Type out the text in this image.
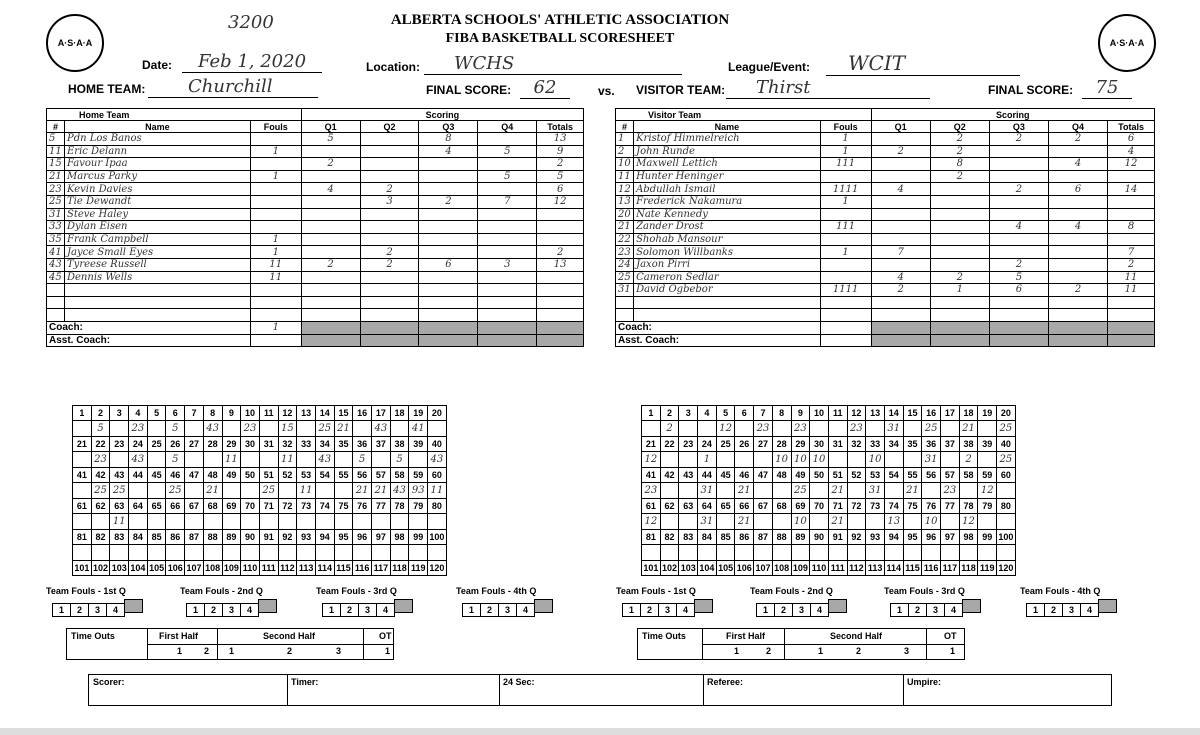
A·S·A·A	A·S·A·A
3200	ALBERTA SCHOOLS' ATHLETIC ASSOCIATION
FIBA BASKETBALL SCORESHEET
Date:	Feb 1, 2020	Location:	WCHS	League/Event:	WCIT
HOME TEAM:	Churchill	FINAL SCORE:	62	vs. VISITOR TEAM:	Thirst	FINAL SCORE:	75
Home Team			Scoring				
#	Name	Fouls	Q1	Q2	Q3	Q4	Totals
5	Pdn Los Banos		5		8		13
11	Eric Delann	1			4	5	9
15	Favour Ipaa		2				2
21	Marcus Parky	1				5	5
23	Kevin Davies		4	2			6
25	Tie Dewandt			3	2	7	12
31	Steve Haley						
33	Dylan Eisen						
35	Frank Campbell	1					
41	Jayce Small Eyes	1		2			2
43	Tyreese Russell	11	2	2	6	3	13
45	Dennis Wells	11					

Coach:		1					
Asst. Coach:							
Visitor Team			Scoring				
#	Name	Fouls	Q1	Q2	Q3	Q4	Totals
1	Kristof Himmelreich	1		2	2	2	6
2	John Runde	1	2	2			4
10	Maxwell Lettich	111		8		4	12
11	Hunter Heninger			2			
12	Abdullah Ismail	1111	4		2	6	14
13	Frederick Nakamura	1					
20	Nate Kennedy						
21	Zander Drost	111			4	4	8
22	Shohab Mansour						
23	Solomon Willbanks	1	7				7
24	Jaxon Pirri				2		2
25	Cameron Sedlar		4	2	5		11
31	David Ogbebor	1111	2	1	6	2	11

Coach:							
Asst. Coach:							
1	2	3	4	5	6	7	8	9	10	11	12	13	14	15	16	17	18	19	20
	5		23		5		43		23		15		25	21		43		41	
21	22	23	24	25	26	27	28	29	30	31	32	33	34	35	36	37	38	39	40
	23		43		5			11			11		43		5		5		43
41	42	43	44	45	46	47	48	49	50	51	52	53	54	55	56	57	58	59	60
	25	25			25		21			25		11			21	21	43	93	11
61	62	63	64	65	66	67	68	69	70	71	72	73	74	75	76	77	78	79	80
		11																	
81	82	83	84	85	86	87	88	89	90	91	92	93	94	95	96	97	98	99	100

101	102	103	104	105	106	107	108	109	110	111	112	113	114	115	116	117	118	119	120
1	2	3	4	5	6	7	8	9	10	11	12	13	14	15	16	17	18	19	20
	2			12		23		23			23		31		25		21		25
21	22	23	24	25	26	27	28	29	30	31	32	33	34	35	36	37	38	39	40
12			1				10	10	10			10			31		2		25
41	42	43	44	45	46	47	48	49	50	51	52	53	54	55	56	57	58	59	60
23			31		21			25		21		31		21		23		12	
61	62	63	64	65	66	67	68	69	70	71	72	73	74	75	76	77	78	79	80
12			31		21			10		21			13		10		12		
81	82	83	84	85	86	87	88	89	90	91	92	93	94	95	96	97	98	99	100

101	102	103	104	105	106	107	108	109	110	111	112	113	114	115	116	117	118	119	120
Team Fouls - 1st Q
1 2 3 4
Team Fouls - 2nd Q
1 2 3 4
Team Fouls - 3rd Q
1 2 3 4
Team Fouls - 4th Q
1 2 3 4
Team Fouls - 1st Q
1 2 3 4
Team Fouls - 2nd Q
1 2 3 4
Team Fouls - 3rd Q
1 2 3 4
Team Fouls - 4th Q
1 2 3 4
Time Outs	First Half	Second Half	OT
1 2 1	2	3	1
Time Outs	First Half	Second Half	OT
1	2	1	2	3	1
Scorer:	Timer:	24 Sec:	Referee:	Umpire:
